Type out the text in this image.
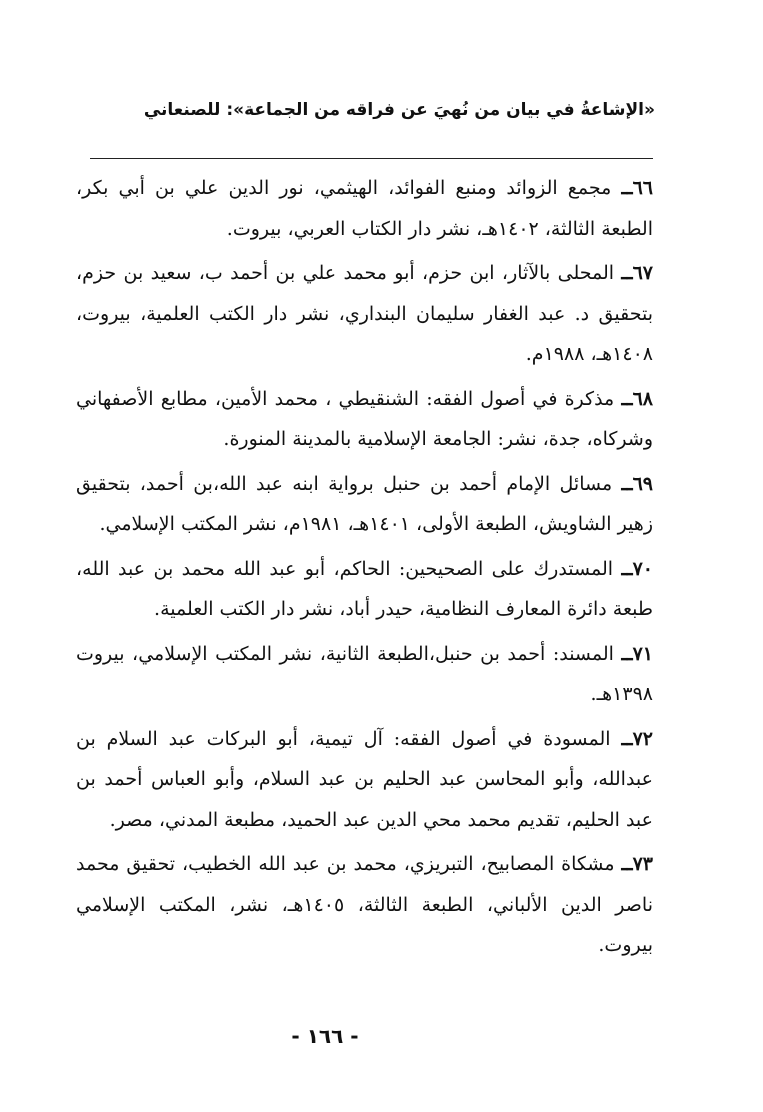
«الإشاعةُ في بيان من نُهيَ عن فراقه من الجماعة»: للصنعاني

٦٦ــ مجمع الزوائد ومنبع الفوائد، الهيثمي، نور الدين علي بن أبي بكر، الطبعة الثالثة، ١٤٠٢هـ، نشر دار الكتاب العربي، بيروت.

٦٧ــ المحلى بالآثار، ابن حزم، أبو محمد علي بن أحمد ب، سعيد بن حزم، بتحقيق د. عبد الغفار سليمان البنداري، نشر دار الكتب العلمية، بيروت، ١٤٠٨هـ، ١٩٨٨م.

٦٨ــ مذكرة في أصول الفقه: الشنقيطي ، محمد الأمين، مطابع الأصفهاني وشركاه، جدة، نشر: الجامعة الإسلامية بالمدينة المنورة.

٦٩ــ مسائل الإمام أحمد بن حنبل برواية ابنه عبد الله،بن أحمد، بتحقيق زهير الشاويش، الطبعة الأولى، ١٤٠١هـ، ١٩٨١م، نشر المكتب الإسلامي.

٧٠ــ المستدرك على الصحيحين: الحاكم، أبو عبد الله محمد بن عبد الله، طبعة دائرة المعارف النظامية، حيدر أباد، نشر دار الكتب العلمية.

٧١ــ المسند: أحمد بن حنبل،الطبعة الثانية، نشر المكتب الإسلامي، بيروت ١٣٩٨هـ.

٧٢ــ المسودة في أصول الفقه: آل تيمية، أبو البركات عبد السلام بن عبدالله، وأبو المحاسن عبد الحليم بن عبد السلام، وأبو العباس أحمد بن عبد الحليم، تقديم محمد محي الدين عبد الحميد، مطبعة المدني، مصر.

٧٣ــ مشكاة المصابيح، التبريزي، محمد بن عبد الله الخطيب، تحقيق محمد ناصر الدين الألباني، الطبعة الثالثة، ١٤٠٥هـ، نشر، المكتب الإسلامي بيروت.

- ١٦٦ -
